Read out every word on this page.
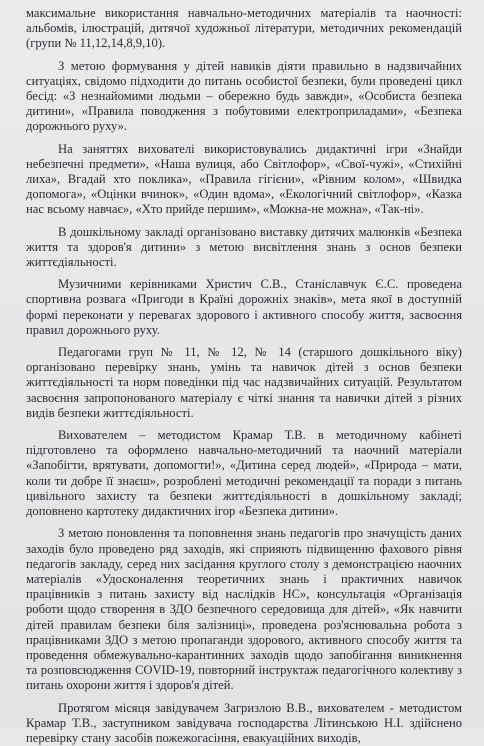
максимальне використання навчально-методичних матеріалів та наочності: альбомів, ілюстрацій, дитячої художньої літератури, методичних рекомендацій (групи № 11,12,14,8,9,10).

З метою формування у дітей навиків діяти правильно в надзвичайних ситуаціях, свідомо підходити до питань особистої безпеки, були проведені цикл бесід: «З незнайомими людьми – обережно будь завжди», «Особиста безпека дитини», «Правила поводження з побутовими електроприладами», «Безпека дорожнього руху».

На заняттях вихователі використовувались дидактичні ігри «Знайди небезпечні предмети», «Наша вулиця, або Світлофор», «Свої-чужі», «Стихійні лиха», Вгадай хто поклика», «Правила гігієни», «Рівним колом», «Швидка допомога», «Оцінки вчинок», «Один вдома», «Екологічний світлофор», «Казка нас всьому навчає», «Хто прийде першим», «Можна-не можна», «Так-ні».

В дошкільному закладі організовано виставку дитячих малюнків «Безпека життя та здоров'я дитини» з метою висвітлення знань з основ безпеки життєдіяльності.

Музичними керівниками Христич С.В., Станіславчук Є.С. проведена спортивна розвага «Пригоди в Країні дорожніх знаків», мета якої в доступній формі переконати у перевагах здорового і активного способу життя, засвоєння правил дорожнього руху.

Педагогами груп № 11, № 12, № 14 (старшого дошкільного віку) організовано перевірку знань, умінь та навичок дітей з основ безпеки життєдіяльності та норм поведінки під час надзвичайних ситуацій. Результатом засвоєння запропонованого матеріалу є чіткі знання та навички дітей з різних видів безпеки життєдіяльності.

Вихователем – методистом Крамар Т.В. в методичному кабінеті підготовлено та оформлено навчально-методичний та наочний матеріали «Запобігти, врятувати, допомогти!», «Дитина серед людей», «Природа – мати, коли ти добре її знаєш», розроблені методичні рекомендації та поради з питань цивільного захисту та безпеки життєдіяльності в дошкільному закладі; доповнено картотеку дидактичних ігор «Безпека дитини».

З метою поновлення та поповнення знань педагогів про значущість даних заходів було проведено ряд заходів, які сприяють підвищенню фахового рівня педагогів закладу, серед них засідання круглого столу з демонстрацією наочних матеріалів «Удосконалення теоретичних знань і практичних навичок працівників з питань захисту від наслідків НС», консультація «Організація роботи щодо створення в ЗДО безпечного середовища для дітей», «Як навчити дітей правилам безпеки біля залізниці», проведена роз'яснювальна робота з працівниками ЗДО з метою пропаганди здорового, активного способу життя та проведення обмежувально-карантинних заходів щодо запобігання виникнення та розповсюдження COVID-19, повторний інструктаж педагогічного колективу з питань охорони життя і здоров'я дітей.

Протягом місяця завідувачем Загризлою В.В., вихователем - методистом Крамар Т.В., заступником завідувача господарства Літинською Н.І. здійснено перевірку стану засобів пожежогасіння, евакуаційних виходів,
